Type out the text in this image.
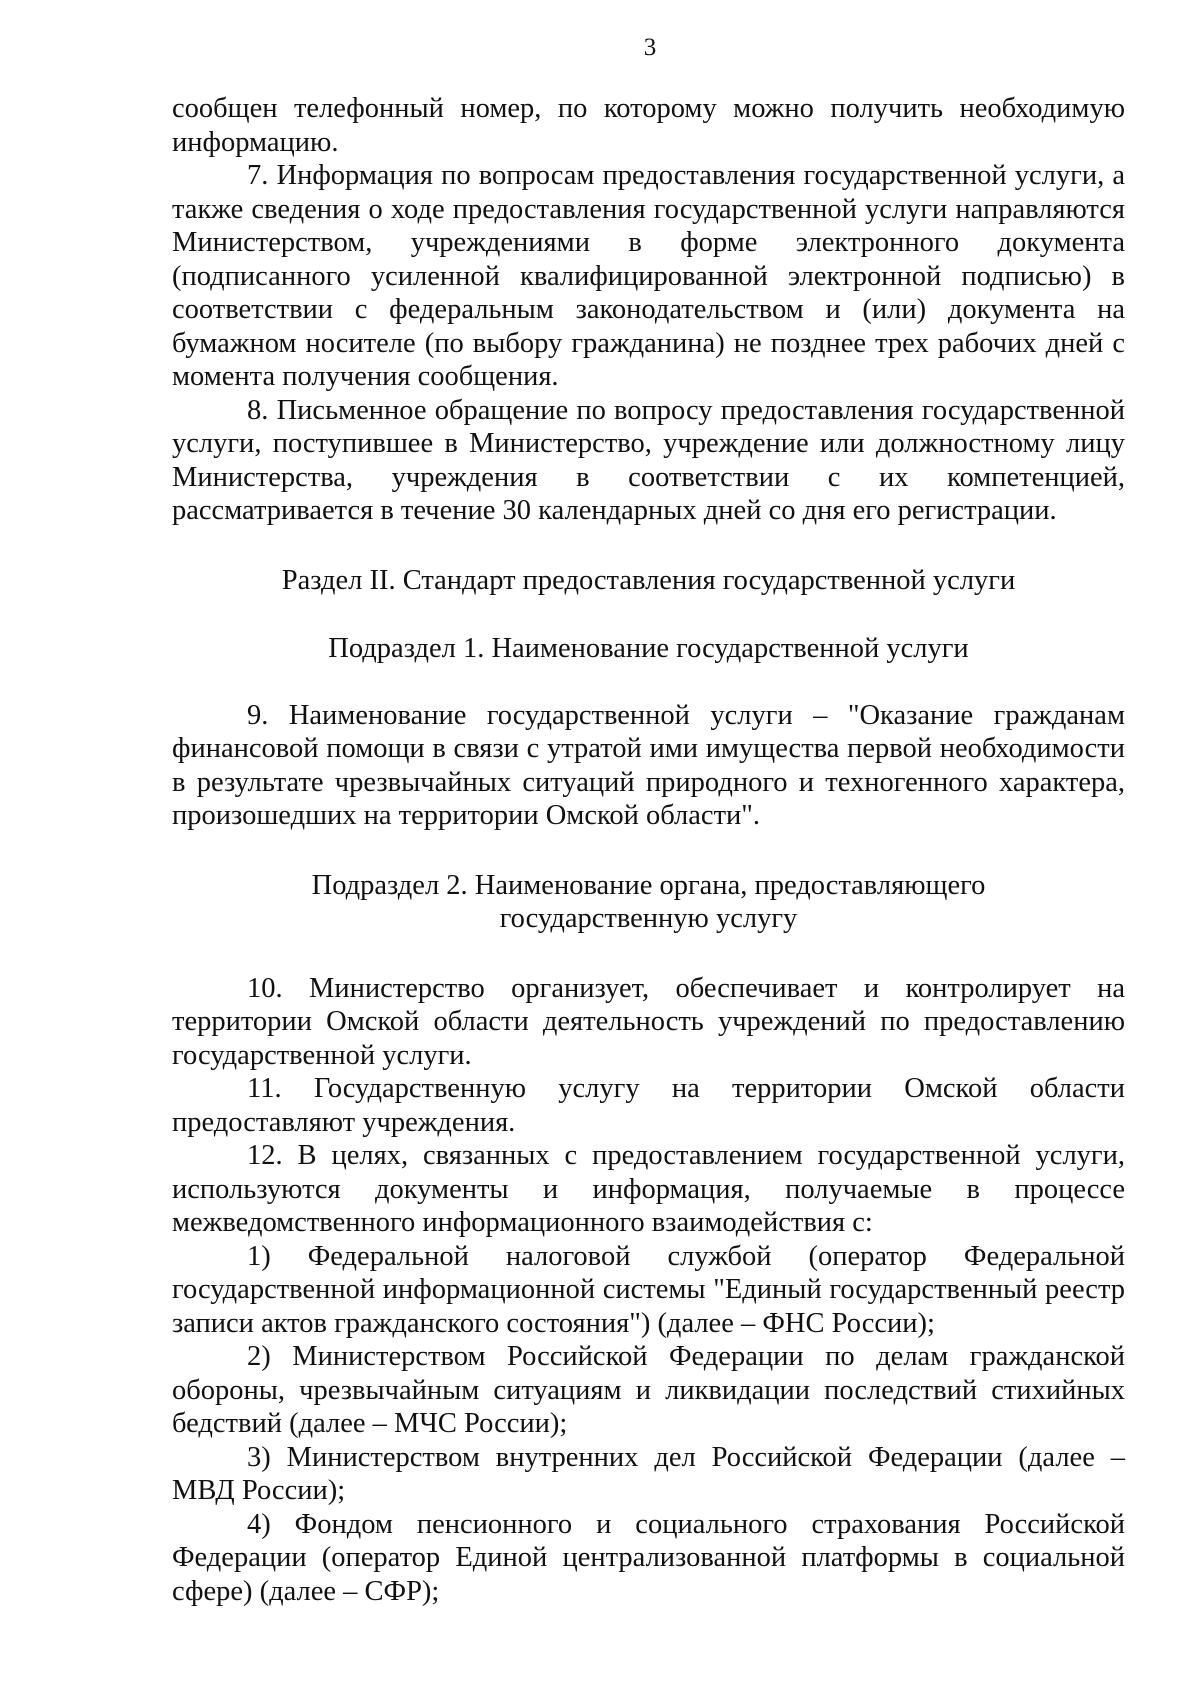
3

сообщен телефонный номер, по которому можно получить необходимую информацию.

7. Информация по вопросам предоставления государственной услуги, а также сведения о ходе предоставления государственной услуги направляются Министерством, учреждениями в форме электронного документа (подписанного усиленной квалифицированной электронной подписью) в соответствии с федеральным законодательством и (или) документа на бумажном носителе (по выбору гражданина) не позднее трех рабочих дней с момента получения сообщения.

8. Письменное обращение по вопросу предоставления государственной услуги, поступившее в Министерство, учреждение или должностному лицу Министерства, учреждения в соответствии с их компетенцией, рассматривается в течение 30 календарных дней со дня его регистрации.

Раздел II. Стандарт предоставления государственной услуги

Подраздел 1. Наименование государственной услуги

9. Наименование государственной услуги – "Оказание гражданам финансовой помощи в связи с утратой ими имущества первой необходимости в результате чрезвычайных ситуаций природного и техногенного характера, произошедших на территории Омской области".

Подраздел 2. Наименование органа, предоставляющего
государственную услугу

10. Министерство организует, обеспечивает и контролирует на территории Омской области деятельность учреждений по предоставлению государственной услуги.

11. Государственную услугу на территории Омской области предоставляют учреждения.

12. В целях, связанных с предоставлением государственной услуги, используются документы и информация, получаемые в процессе межведомственного информационного взаимодействия с:

1) Федеральной налоговой службой (оператор Федеральной государственной информационной системы "Единый государственный реестр записи актов гражданского состояния") (далее – ФНС России);

2) Министерством Российской Федерации по делам гражданской обороны, чрезвычайным ситуациям и ликвидации последствий стихийных бедствий (далее – МЧС России);

3) Министерством внутренних дел Российской Федерации (далее – МВД России);

4) Фондом пенсионного и социального страхования Российской Федерации (оператор Единой централизованной платформы в социальной сфере) (далее – СФР);
